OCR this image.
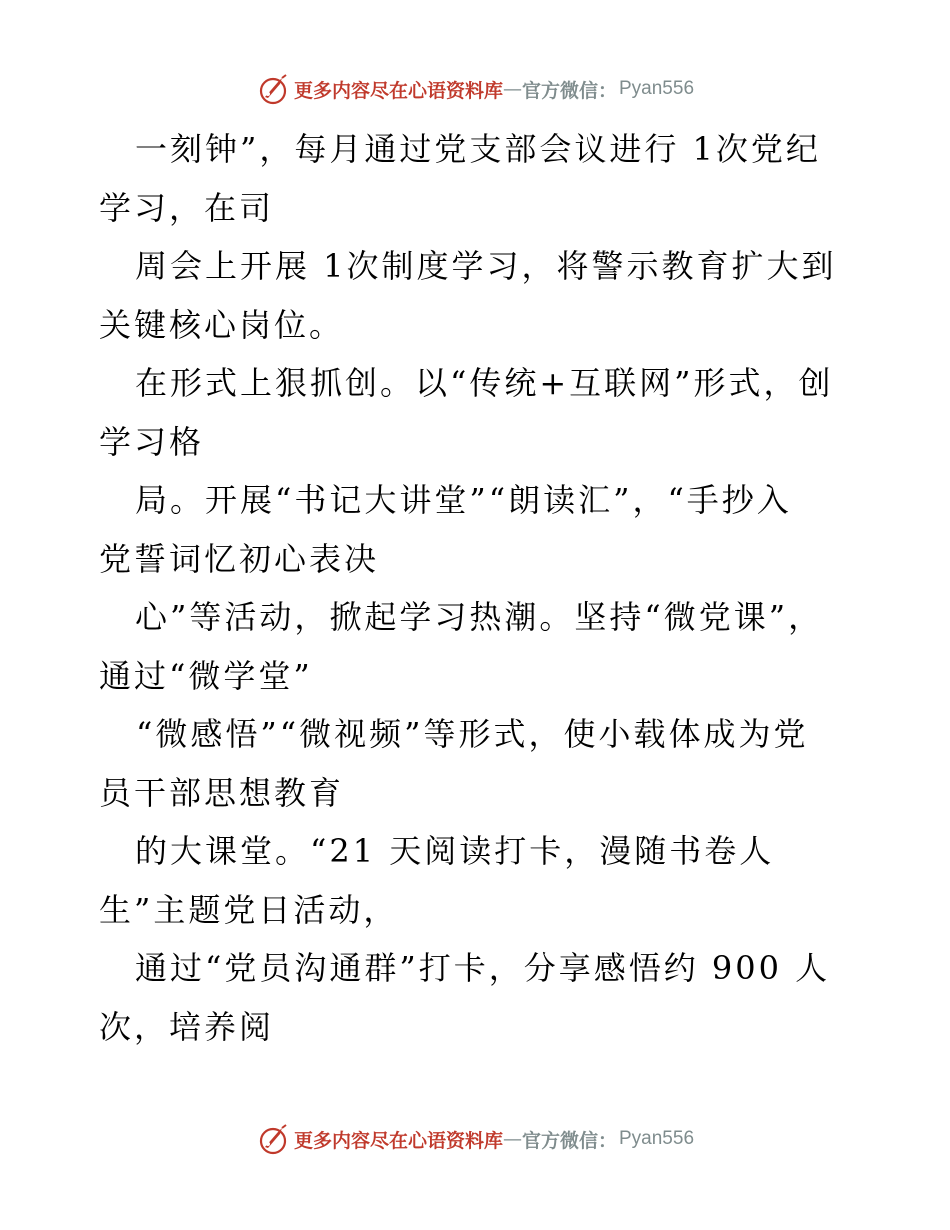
更多内容尽在心语资料库 — 官方微信： Pyan556
一刻钟”，每月通过党支部会议进行 1次党纪
学习，在司
周会上开展 1次制度学习，将警示教育扩大到
关键核心岗位。
在形式上狠抓创。以“传统+互联网”形式，创
学习格
局。开展“书记大讲堂”“朗读汇”，“手抄入
党誓词忆初心表决
心”等活动，掀起学习热潮。坚持“微党课”，
通过“微学堂”
“微感悟”“微视频”等形式，使小载体成为党
员干部思想教育
的大课堂。“21 天阅读打卡，漫随书卷人
生”主题党日活动，
通过“党员沟通群”打卡，分享感悟约 900 人
次，培养阅
更多内容尽在心语资料库 — 官方微信： Pyan556
